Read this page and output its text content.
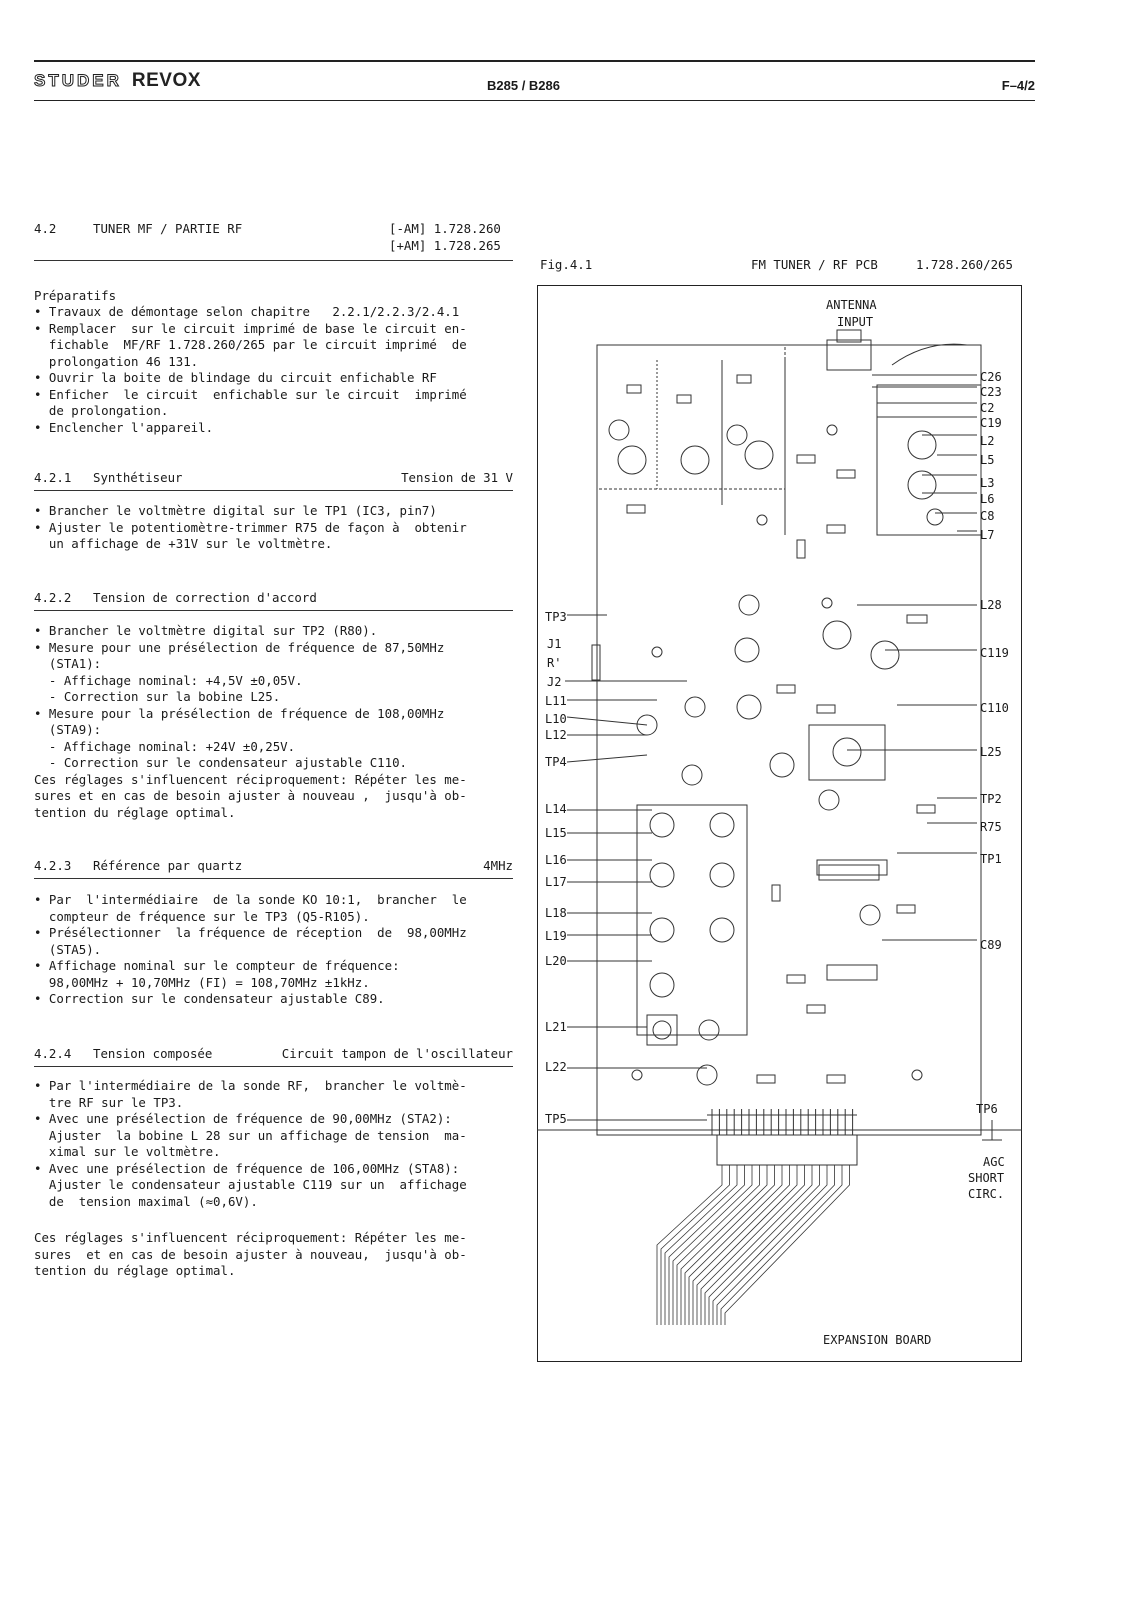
STUDER REVOX	B285 / B286	F–4/2
4.2	TUNER MF / PARTIE RF	[-AM] 1.728.260
[+AM] 1.728.265
Préparatifs
• Travaux de démontage selon chapitre   2.2.1/2.2.3/2.4.1
• Remplacer  sur le circuit imprimé de base le circuit en-
fichable  MF/RF 1.728.260/265 par le circuit imprimé  de
prolongation 46 131.
• Ouvrir la boite de blindage du circuit enfichable RF
• Enficher  le circuit  enfichable sur le circuit  imprimé
de prolongation.
• Enclencher l'appareil.
4.2.1 Synthétiseur	Tension de 31 V
• Brancher le voltmètre digital sur le TP1 (IC3, pin7)
• Ajuster le potentiomètre-trimmer R75 de façon à  obtenir
un affichage de +31V sur le voltmètre.
4.2.2 Tension de correction d'accord
• Brancher le voltmètre digital sur TP2 (R80).
• Mesure pour une présélection de fréquence de 87,50MHz
(STA1):
- Affichage nominal: +4,5V ±0,05V.
- Correction sur la bobine L25.
• Mesure pour la présélection de fréquence de 108,00MHz
(STA9):
- Affichage nominal: +24V ±0,25V.
- Correction sur le condensateur ajustable C110.
Ces réglages s'influencent réciproquement: Répéter les me-
sures et en cas de besoin ajuster à nouveau ,  jusqu'à ob-
tention du réglage optimal.
4.2.3 Référence par quartz	4MHz
• Par  l'intermédiaire  de la sonde KO 10:1,  brancher  le
compteur de fréquence sur le TP3 (Q5-R105).
• Présélectionner  la fréquence de réception  de  98,00MHz
(STA5).
• Affichage nominal sur le compteur de fréquence:
98,00MHz + 10,70MHz (FI) = 108,70MHz ±1kHz.
• Correction sur le condensateur ajustable C89.
4.2.4 Tension composée	Circuit tampon de l'oscillateur
• Par l'intermédiaire de la sonde RF,  brancher le voltmè-
tre RF sur le TP3.
• Avec une présélection de fréquence de 90,00MHz (STA2):
Ajuster  la bobine L 28 sur un affichage de tension  ma-
ximal sur le voltmètre.
• Avec une présélection de fréquence de 106,00MHz (STA8):
Ajuster le condensateur ajustable C119 sur un  affichage
de  tension maximal (≈0,6V).
Ces réglages s'influencent réciproquement: Répéter les me-
sures  et en cas de besoin ajuster à nouveau,  jusqu'à ob-
tention du réglage optimal.
Fig.4.1	FM TUNER / RF PCB	1.728.260/265
ANTENNA
INPUT
C26
C23
C2
C19
L2
L5
L3
L6
C8
L7
L28
C119
C110
L25
TP2
R75
TP1
C89
TP6
TP3
J1
R'
J2
L11
L10
L12
TP4
L14
L15
L16
L17
L18
L19
L20
L21
L22
TP5
AGC
SHORT
CIRC.
EXPANSION BOARD
